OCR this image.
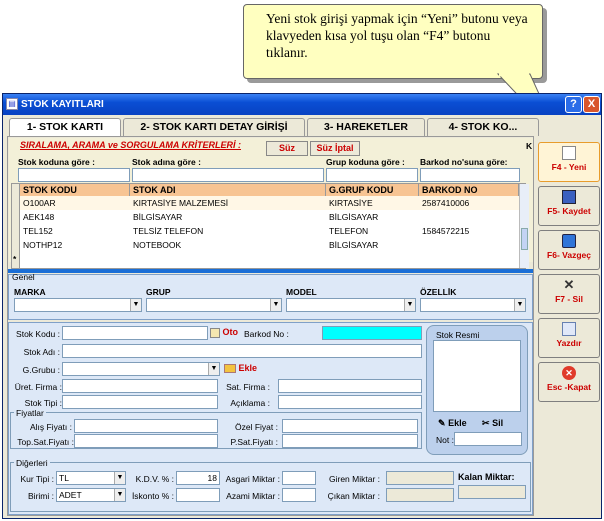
Yeni stok girişi yapmak için “Yeni” butonu veya klavyeden kısa yol tuşu olan “F4” butonu tıklanır.
STOK KAYITLARI
▤	? X
1- STOK KARTI	2- STOK KARTI DETAY GİRİŞİ	3- HAREKETLER	4- STOK KO...
SIRALAMA, ARAMA ve SORGULAMA KRİTERLERİ :	Süz	Süz İptal	K
Stok koduna göre :	Stok adına göre :	Grup koduna göre : Barkod no'suna göre:
STOK KODU	STOK ADI	G.GRUP KODU	BARKOD NO
O100AR	KIRTASİYE MALZEMESİ	KIRTASİYE	2587410006
AEK148	BİLGİSAYAR	BİLGİSAYAR
TEL152	TELSİZ TELEFON	TELEFON	1584572215
NOTHP12	NOTEBOOK	BİLGİSAYAR
*
Genel
MARKA	GRUP	MODEL	ÖZELLİK
▼	▼	▼	▼
Stok Kodu :	Oto Barkod No :
Stok Adı :
G.Grubu :	▼	Ekle
Üret. Firma :	Sat. Firma :
Stok Tipi :	Açıklama :
Stok Resmi
✎ Ekle ✂ Sil
Not :
Fiyatlar
Alış Fiyatı :	Özel Fiyat :
Top.Sat.Fiyatı :	P.Sat.Fiyatı :
Diğerleri
Kur Tipi : TL	▼
Birimi : ADET	▼
K.D.V. % :	18
İskonto % :
Asgari Miktar :
Azami Miktar :
Giren Miktar :
Çıkan Miktar :
Kalan Miktar:
F4 - Yeni
F5- Kaydet
F6- Vazgeç
✕
F7 - Sil
Yazdır
✕
Esc -Kapat
